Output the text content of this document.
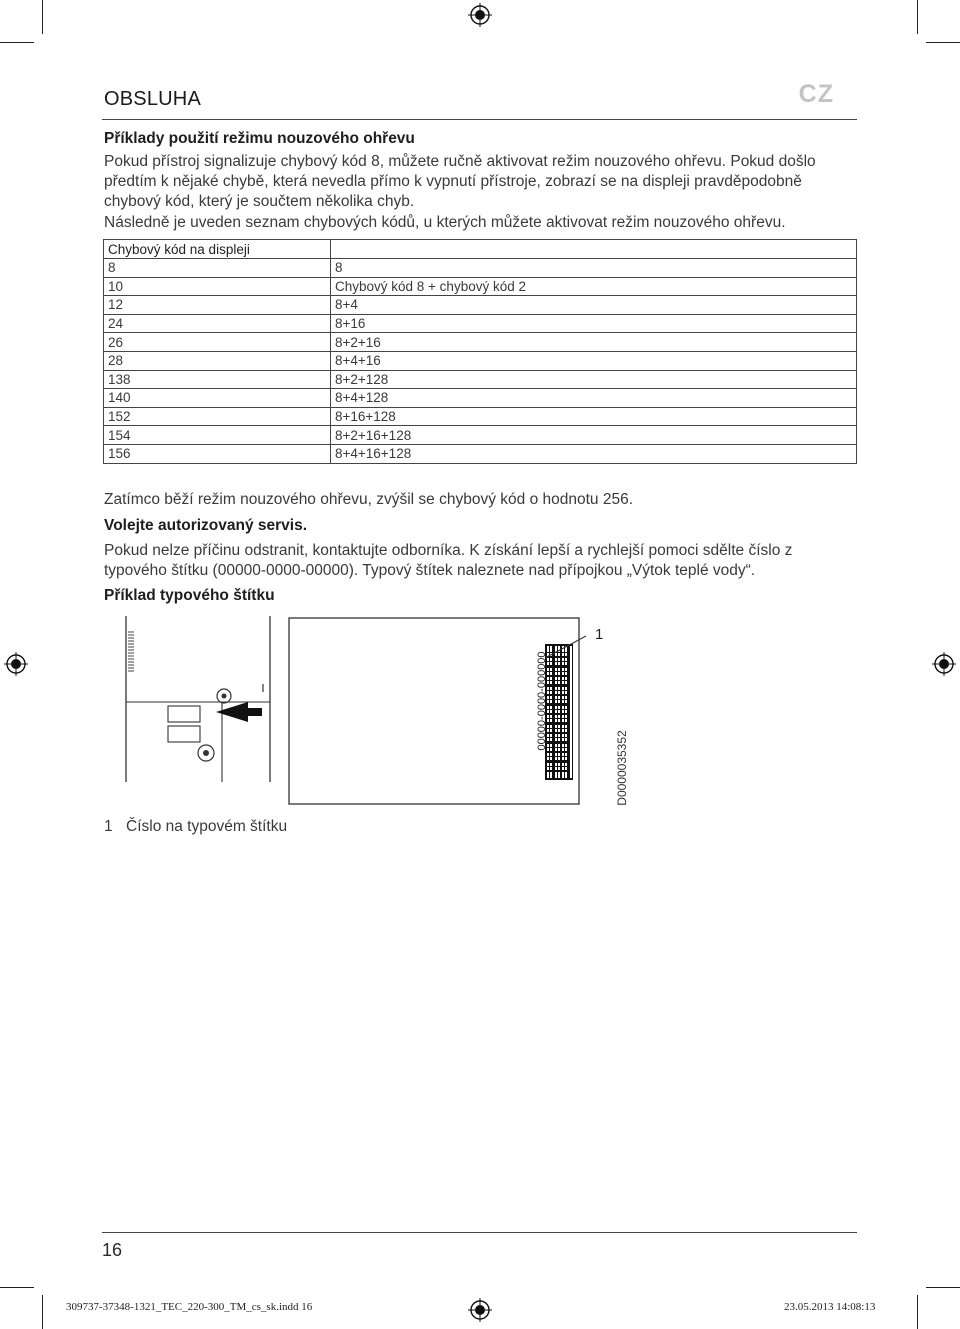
OBSLUHA	CZ
Příklady použití režimu nouzového ohřevu
Pokud přístroj signalizuje chybový kód 8, můžete ručně aktivovat režim nouzového ohřevu. Pokud došlo předtím k nějaké chybě, která nevedla přímo k vypnutí přístroje, zobrazí se na displeji pravděpodobně chybový kód, který je součtem několika chyb.
Následně je uveden seznam chybových kódů, u kterých můžete aktivovat režim nouzového ohřevu.
Chybový kód na displeji	
8	8
10	Chybový kód 8 + chybový kód 2
12	8+4
24	8+16
26	8+2+16
28	8+4+16
138	8+2+128
140	8+4+128
152	8+16+128
154	8+2+16+128
156	8+4+16+128
Zatímco běží režim nouzového ohřevu, zvýšil se chybový kód o hodnotu 256.
Volejte autorizovaný servis.
Pokud nelze příčinu odstranit, kontaktujte odborníka. K získání lepší a rychlejší pomoci sdělte číslo z typového štítku (00000-0000-00000). Typový štítek naleznete nad přípojkou „Výtok teplé vody“.
Příklad typového štítku
00000-0000-000000
1
D0000035352
1 Číslo na typovém štítku
16
309737-37348-1321_TEC_220-300_TM_cs_sk.indd 16	23.05.2013 14:08:13
